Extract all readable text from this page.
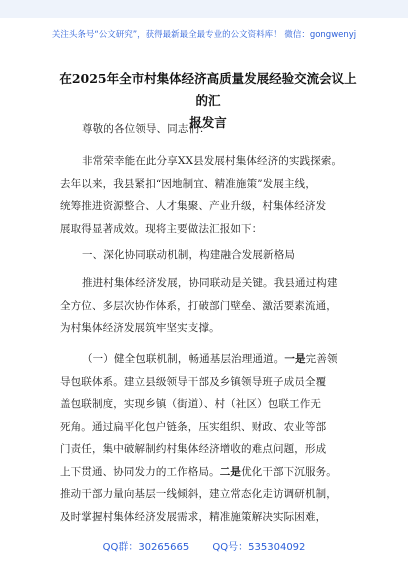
关注头条号“公文研究”，获得最新最全最专业的公文资料库！ 微信：gongwenyj
在2025年全市村集体经济高质量发展经验交流会议上的汇
报发言
尊敬的各位领导、同志们：
非常荣幸能在此分享XX县发展村集体经济的实践探索。
去年以来，我县紧扣“因地制宜、精准施策”发展主线，
统筹推进资源整合、人才集聚、产业升级，村集体经济发
展取得显著成效。现将主要做法汇报如下：
一、深化协同联动机制，构建融合发展新格局
推进村集体经济发展，协同联动是关键。我县通过构建
全方位、多层次协作体系，打破部门壁垒、激活要素流通，
为村集体经济发展筑牢坚实支撑。
（一）健全包联机制，畅通基层治理通道。一是完善领
导包联体系。建立县级领导干部及乡镇领导班子成员全覆
盖包联制度，实现乡镇（街道）、村（社区）包联工作无
死角。通过扁平化包户链条，压实组织、财政、农业等部
门责任，集中破解制约村集体经济增收的难点问题，形成
上下贯通、协同发力的工作格局。二是优化干部下沉服务。
推动干部力量向基层一线倾斜，建立常态化走访调研机制，
及时掌握村集体经济发展需求，精准施策解决实际困难，
QQ群：30265665 QQ号：535304092
